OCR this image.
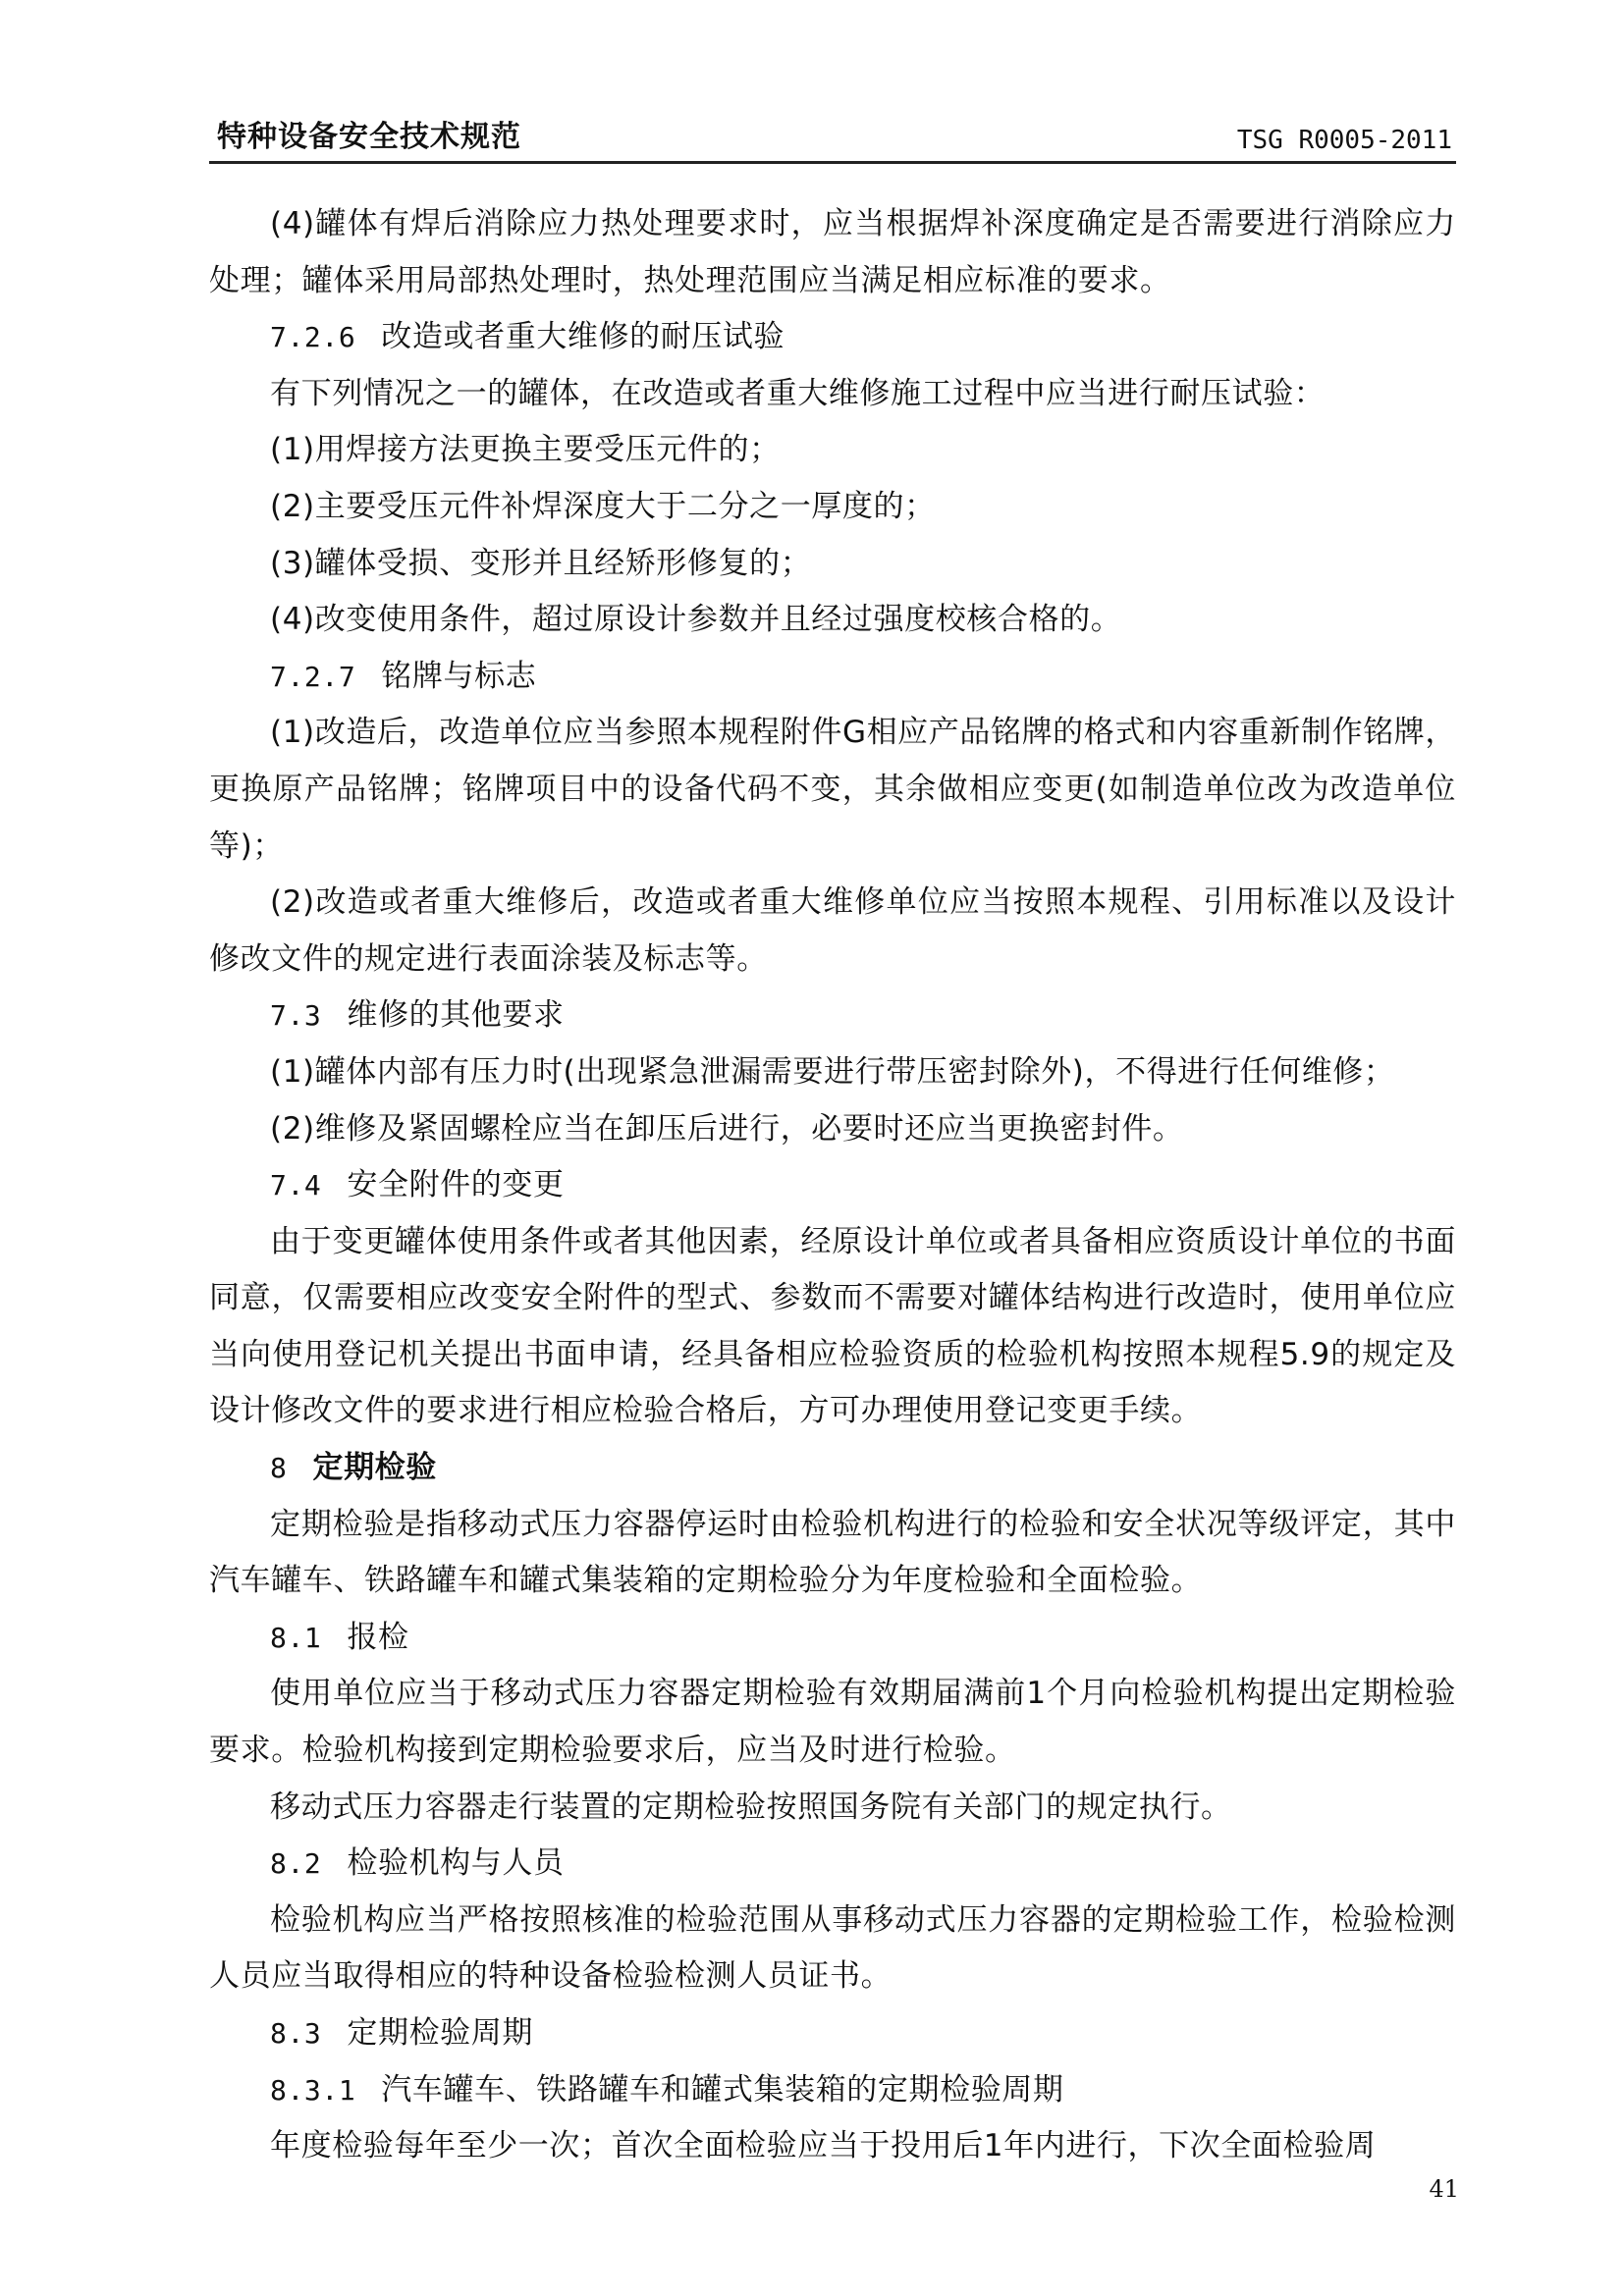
特种设备安全技术规范	TSG R0005-2011

(4)罐体有焊后消除应力热处理要求时，应当根据焊补深度确定是否需要进行消除应力处理；罐体采用局部热处理时，热处理范围应当满足相应标准的要求。

7.2.6 改造或者重大维修的耐压试验

有下列情况之一的罐体，在改造或者重大维修施工过程中应当进行耐压试验：

(1)用焊接方法更换主要受压元件的；

(2)主要受压元件补焊深度大于二分之一厚度的；

(3)罐体受损、变形并且经矫形修复的；

(4)改变使用条件，超过原设计参数并且经过强度校核合格的。

7.2.7 铭牌与标志

(1)改造后，改造单位应当参照本规程附件G相应产品铭牌的格式和内容重新制作铭牌，更换原产品铭牌；铭牌项目中的设备代码不变，其余做相应变更(如制造单位改为改造单位等)；

(2)改造或者重大维修后，改造或者重大维修单位应当按照本规程、引用标准以及设计修改文件的规定进行表面涂装及标志等。

7.3 维修的其他要求

(1)罐体内部有压力时(出现紧急泄漏需要进行带压密封除外)，不得进行任何维修；

(2)维修及紧固螺栓应当在卸压后进行，必要时还应当更换密封件。

7.4 安全附件的变更

由于变更罐体使用条件或者其他因素，经原设计单位或者具备相应资质设计单位的书面同意，仅需要相应改变安全附件的型式、参数而不需要对罐体结构进行改造时，使用单位应当向使用登记机关提出书面申请，经具备相应检验资质的检验机构按照本规程5.9的规定及设计修改文件的要求进行相应检验合格后，方可办理使用登记变更手续。

8 定期检验

定期检验是指移动式压力容器停运时由检验机构进行的检验和安全状况等级评定，其中汽车罐车、铁路罐车和罐式集装箱的定期检验分为年度检验和全面检验。

8.1 报检

使用单位应当于移动式压力容器定期检验有效期届满前1个月向检验机构提出定期检验要求。检验机构接到定期检验要求后，应当及时进行检验。

移动式压力容器走行装置的定期检验按照国务院有关部门的规定执行。

8.2 检验机构与人员

检验机构应当严格按照核准的检验范围从事移动式压力容器的定期检验工作，检验检测人员应当取得相应的特种设备检验检测人员证书。

8.3 定期检验周期

8.3.1 汽车罐车、铁路罐车和罐式集装箱的定期检验周期

年度检验每年至少一次；首次全面检验应当于投用后1年内进行，下次全面检验周

41
